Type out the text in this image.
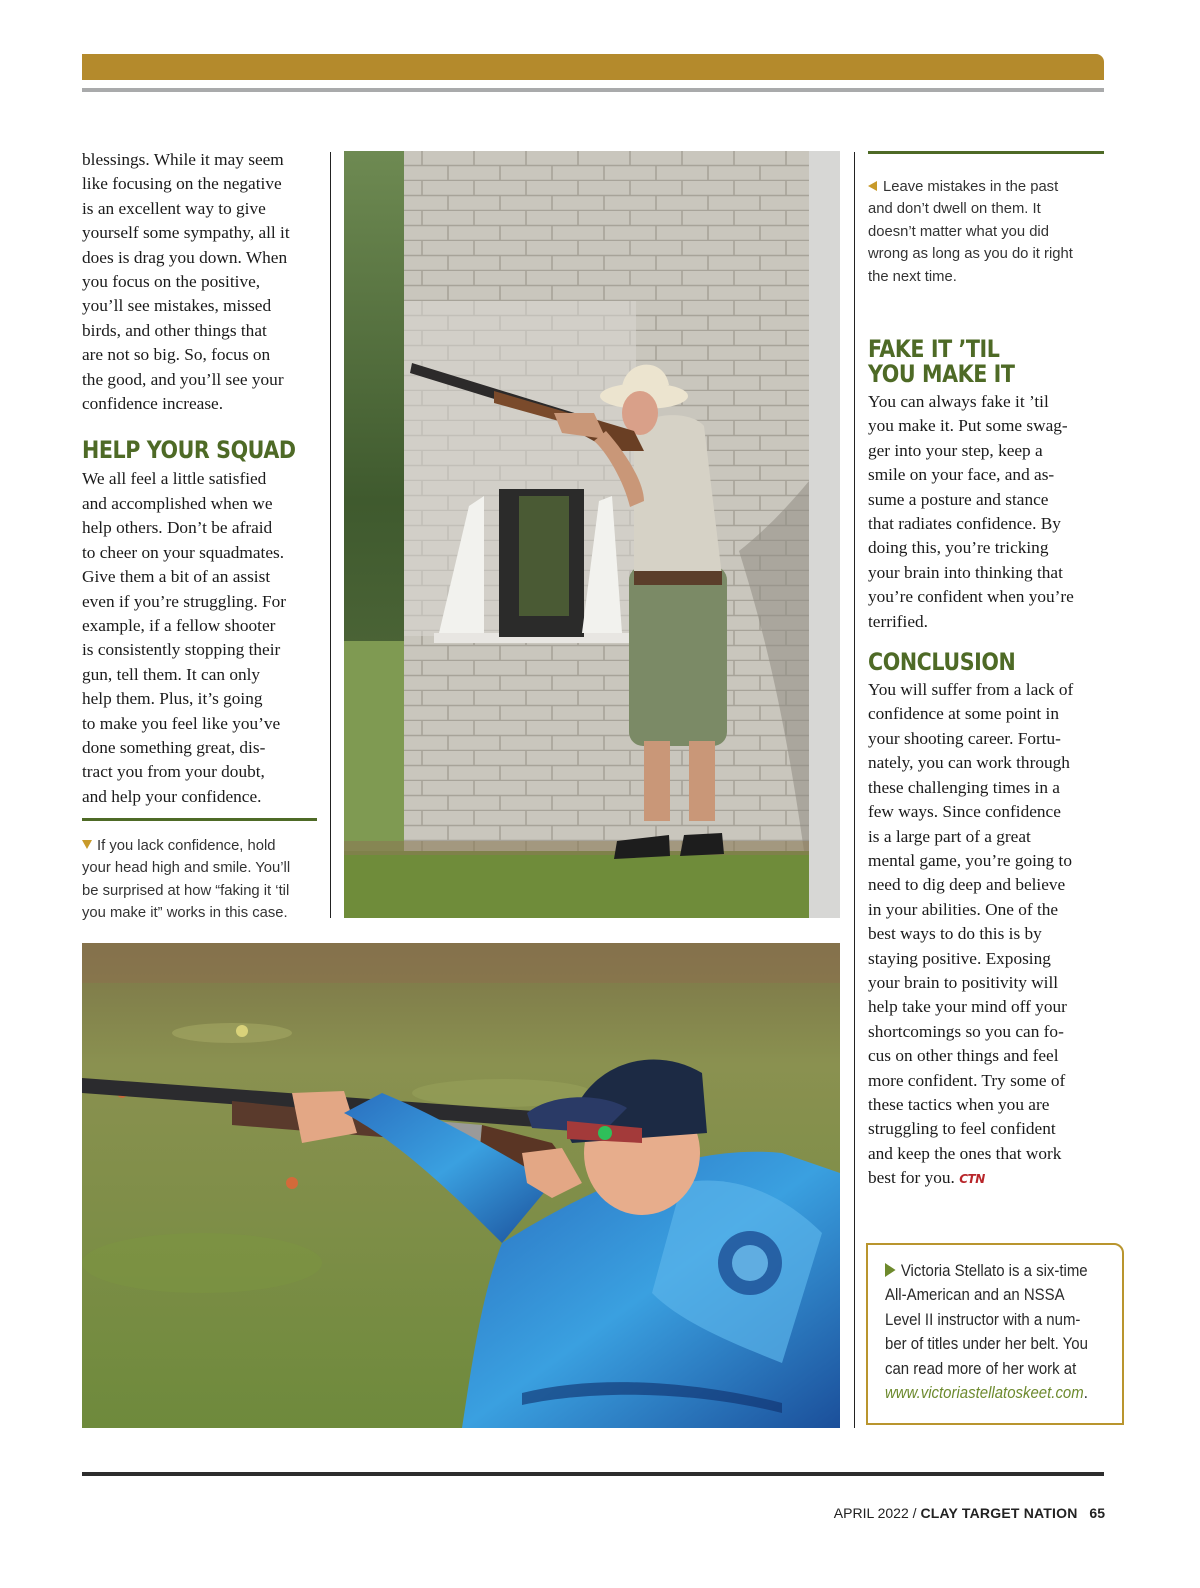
blessings. While it may seem

like focusing on the negative

is an excellent way to give

yourself some sympathy, all it

does is drag you down. When

you focus on the positive,

you’ll see mistakes, missed

birds, and other things that

are not so big. So, focus on

the good, and you’ll see your

confidence increase.

HELP YOUR SQUAD

We all feel a little satisfied

and accomplished when we

help others. Don’t be afraid

to cheer on your squadmates.

Give them a bit of an assist

even if you’re struggling. For

example, if a fellow shooter

is consistently stopping their

gun, tell them. It can only

help them. Plus, it’s going

to make you feel like you’ve

done something great, dis-

tract you from your doubt,

and help your confidence.

If you lack confidence, hold

your head high and smile. You’ll

be surprised at how “faking it ‘til

you make it” works in this case.

Leave mistakes in the past

and don’t dwell on them. It

doesn’t matter what you did

wrong as long as you do it right

the next time.

FAKE IT ’TIL
YOU MAKE IT

You can always fake it ’til

you make it. Put some swag-

ger into your step, keep a

smile on your face, and as-

sume a posture and stance

that radiates confidence. By

doing this, you’re tricking

your brain into thinking that

you’re confident when you’re

terrified.

CONCLUSION

You will suffer from a lack of

confidence at some point in

your shooting career. Fortu-

nately, you can work through

these challenging times in a

few ways. Since confidence

is a large part of a great

mental game, you’re going to

need to dig deep and believe

in your abilities. One of the

best ways to do this is by

staying positive. Exposing

your brain to positivity will

help take your mind off your

shortcomings so you can fo-

cus on other things and feel

more confident. Try some of

these tactics when you are

struggling to feel confident

and keep the ones that work

best for you. CTN

Victoria Stellato is a six-time

All-American and an NSSA

Level II instructor with a num-

ber of titles under her belt. You

can read more of her work at

www.victoriastellatoskeet.com.

APRIL 2022 / CLAY TARGET NATION 65
